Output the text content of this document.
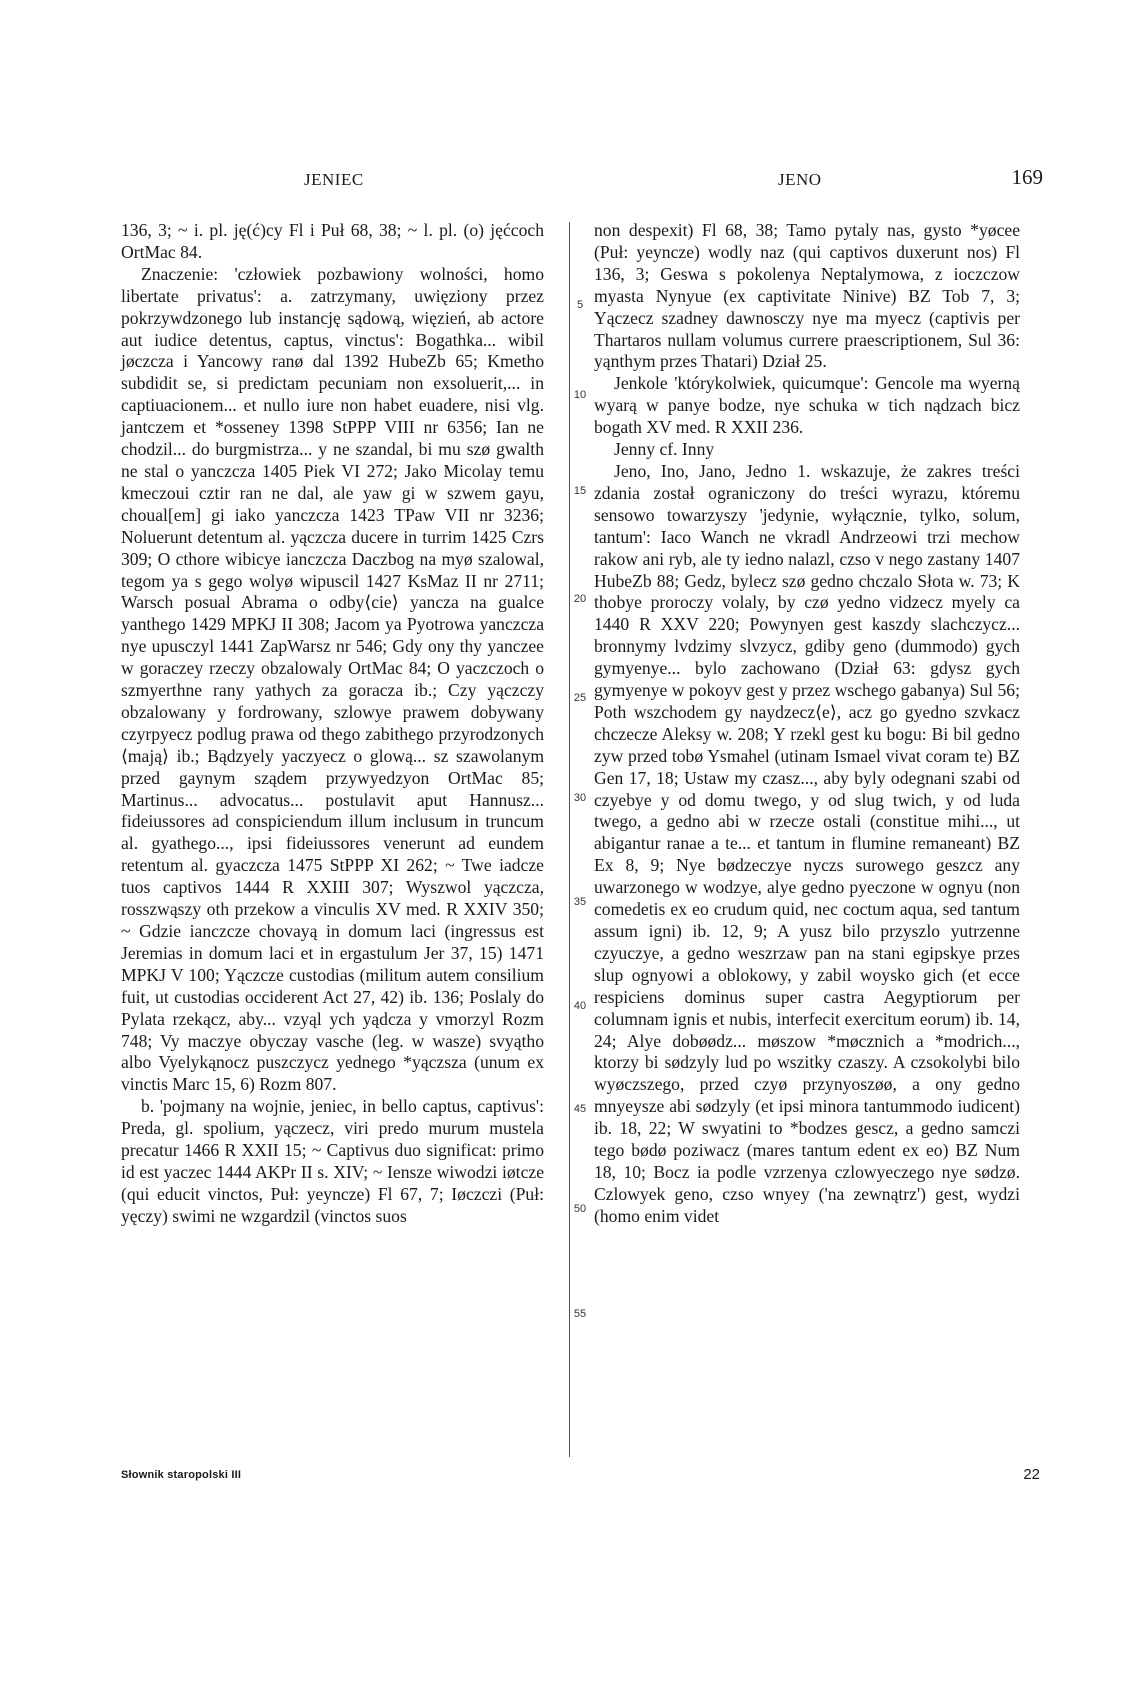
JENIEC	JENO	169

136, 3; ~ i. pl. ję(ć)cy Fl i Puł 68, 38; ~ l. pl. (o) jęćcoch OrtMac 84.

Znaczenie: 'człowiek pozbawiony wolności, homo libertate privatus': a. zatrzymany, uwięziony przez pokrzywdzonego lub instancję sądową, więzień, ab actore aut iudice detentus, captus, vinctus': Bogathka... wibil jøczcza i Yancowy ranø dal 1392 HubeZb 65; Kmetho subdidit se, si predictam pecuniam non exsoluerit,... in captiuacionem... et nullo iure non habet euadere, nisi vlg. jantczem et *osseney 1398 StPPP VIII nr 6356; Ian ne chodzil... do burgmistrza... y ne szandal, bi mu szø gwalth ne stal o yanczcza 1405 Piek VI 272; Jako Micolay temu kmeczoui cztir ran ne dal, ale yaw gi w szwem gayu, choual[em] gi iako yanczcza 1423 TPaw VII nr 3236; Noluerunt detentum al. yączcza ducere in turrim 1425 Czrs 309; O cthore wibicye ianczcza Daczbog na myø szalowal, tegom ya s gego wolyø wipuscil 1427 KsMaz II nr 2711; Warsch posual Abrama o odby⟨cie⟩ yancza na gualce yanthego 1429 MPKJ II 308; Jacom ya Pyotrowa yanczcza nye upusczyl 1441 ZapWarsz nr 546; Gdy ony thy yanczee w goraczey rzeczy obzalowaly OrtMac 84; O yaczczoch o szmyerthne rany yathych za goracza ib.; Czy yączczy obzalowany y fordrowany, szlowye prawem dobywany czyrpyecz podlug prawa od thego zabithego przyrodzonych ⟨mają⟩ ib.; Bądzyely yaczyecz o glową... sz szawolanym przed gaynym sządem przywyedzyon OrtMac 85; Martinus... advocatus... postulavit aput Hannusz... fideiussores ad conspiciendum illum inclusum in truncum al. gyathego..., ipsi fideiussores venerunt ad eundem retentum al. gyaczcza 1475 StPPP XI 262; ~ Twe iadcze tuos captivos 1444 R XXIII 307; Wyszwol yączcza, rosszwąszy oth przekow a vinculis XV med. R XXIV 350; ~ Gdzie ianczcze chovayą in domum laci (ingressus est Jeremias in domum laci et in ergastulum Jer 37, 15) 1471 MPKJ V 100; Yączcze custodias (militum autem consilium fuit, ut custodias occiderent Act 27, 42) ib. 136; Poslaly do Pylata rzekącz, aby... vzyąl ych yądcza y vmorzyl Rozm 748; Vy maczye obyczay vasche (leg. w wasze) svyątho albo Vyelykąnocz puszczycz yednego *yączsza (unum ex vinctis Marc 15, 6) Rozm 807.

b. 'pojmany na wojnie, jeniec, in bello captus, captivus': Preda, gl. spolium, yączecz, viri predo murum mustela precatur 1466 R XXII 15; ~ Captivus duo significat: primo id est yaczec 1444 AKPr II s. XIV; ~ Iensze wiwodzi iøtcze (qui educit vinctos, Puł: yeyncze) Fl 67, 7; Iøczczi (Puł: yęczy) swimi ne wzgardzil (vinctos suos

5
10
15
20
25
30
35
40
45
50
55

non despexit) Fl 68, 38; Tamo pytaly nas, gysto *yøcee (Puł: yeyncze) wodly naz (qui captivos duxerunt nos) Fl 136, 3; Geswa s pokolenya Neptalymowa, z ioczczow myasta Nynyue (ex captivitate Ninive) BZ Tob 7, 3; Yączecz szadney dawnosczy nye ma myecz (captivis per Thartaros nullam volumus currere praescriptionem, Sul 36: yąnthym przes Thatari) Dział 25.

Jenkole 'którykolwiek, quicumque': Gencole ma wyerną wyarą w panye bodze, nye schuka w tich nądzach bicz bogath XV med. R XXII 236.

Jenny cf. Inny

Jeno, Ino, Jano, Jedno 1. wskazuje, że zakres treści zdania został ograniczony do treści wyrazu, któremu sensowo towarzyszy 'jedynie, wyłącznie, tylko, solum, tantum': Iaco Wanch ne vkradl Andrzeowi trzi mechow rakow ani ryb, ale ty iedno nalazl, czso v nego zastany 1407 HubeZb 88; Gedz, bylecz szø gedno chczalo Słota w. 73; K thobye proroczy volaly, by czø yedno vidzecz myely ca 1440 R XXV 220; Powynyen gest kaszdy slachczycz... bronnymy lvdzimy slvzycz, gdiby geno (dummodo) gych gymyenye... bylo zachowano (Dział 63: gdysz gych gymyenye w pokoyv gest y przez wschego gabanya) Sul 56; Poth wszchodem gy naydzecz⟨e⟩, acz go gyedno szvkacz chczecze Aleksy w. 208; Y rzekl gest ku bogu: Bi bil gedno zyw przed tobø Ysmahel (utinam Ismael vivat coram te) BZ Gen 17, 18; Ustaw my czasz..., aby byly odegnani szabi od czyebye y od domu twego, y od slug twich, y od luda twego, a gedno abi w rzecze ostali (constitue mihi..., ut abigantur ranae a te... et tantum in flumine remaneant) BZ Ex 8, 9; Nye bødzeczye nyczs surowego geszcz any uwarzonego w wodzye, alye gedno pyeczone w ognyu (non comedetis ex eo crudum quid, nec coctum aqua, sed tantum assum igni) ib. 12, 9; A yusz bilo przyszlo yutrzenne czyuczye, a gedno weszrzaw pan na stani egipskye przes slup ognyowi a oblokowy, y zabil woysko gich (et ecce respiciens dominus super castra Aegyptiorum per columnam ignis et nubis, interfecit exercitum eorum) ib. 14, 24; Alye dobøødz... møszow *møcznich a *modrich..., ktorzy bi sødzyly lud po wszitky czaszy. A czsokolybi bilo wyøczszego, przed czyø przynyoszøø, a ony gedno mnyeysze abi sødzyly (et ipsi minora tantummodo iudicent) ib. 18, 22; W swyatini to *bodzes gescz, a gedno samczi tego bødø poziwacz (mares tantum edent ex eo) BZ Num 18, 10; Bocz ia podle vzrzenya czlowyeczego nye sødzø. Czlowyek geno, czso wnyey ('na zewnątrz') gest, wydzi (homo enim videt

Słownik staropolski III	22
